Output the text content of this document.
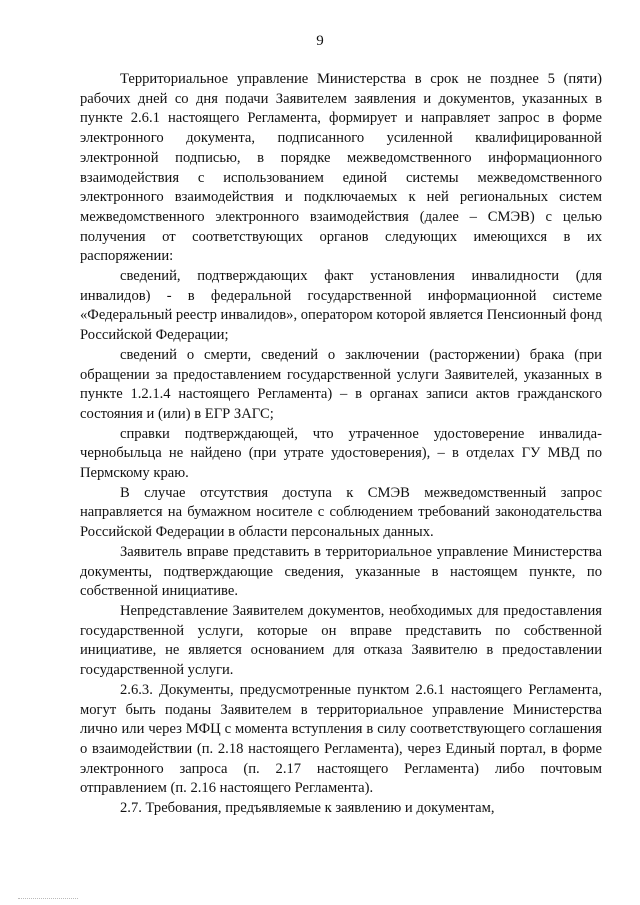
9

Территориальное управление Министерства в срок не позднее 5 (пяти) рабочих дней со дня подачи Заявителем заявления и документов, указанных в пункте 2.6.1 настоящего Регламента, формирует и направляет запрос в форме электронного документа, подписанного усиленной квалифицированной электронной подписью, в порядке межведомственного информационного взаимодействия с использованием единой системы межведомственного электронного взаимодействия и подключаемых к ней региональных систем межведомственного электронного взаимодействия (далее – СМЭВ) с целью получения от соответствующих органов следующих имеющихся в их распоряжении:

сведений, подтверждающих факт установления инвалидности (для инвалидов) - в федеральной государственной информационной системе «Федеральный реестр инвалидов», оператором которой является Пенсионный фонд Российской Федерации;

сведений о смерти, сведений о заключении (расторжении) брака (при обращении за предоставлением государственной услуги Заявителей, указанных в пункте 1.2.1.4 настоящего Регламента) – в органах записи актов гражданского состояния и (или) в ЕГР ЗАГС;

справки подтверждающей, что утраченное удостоверение инвалида-чернобыльца не найдено (при утрате удостоверения), – в отделах ГУ МВД по Пермскому краю.

В случае отсутствия доступа к СМЭВ межведомственный запрос направляется на бумажном носителе с соблюдением требований законодательства Российской Федерации в области персональных данных.

Заявитель вправе представить в территориальное управление Министерства документы, подтверждающие сведения, указанные в настоящем пункте, по собственной инициативе.

Непредставление Заявителем документов, необходимых для предоставления государственной услуги, которые он вправе представить по собственной инициативе, не является основанием для отказа Заявителю в предоставлении государственной услуги.

2.6.3. Документы, предусмотренные пунктом 2.6.1 настоящего Регламента, могут быть поданы Заявителем в территориальное управление Министерства лично или через МФЦ с момента вступления в силу соответствующего соглашения о взаимодействии (п. 2.18 настоящего Регламента), через Единый портал, в форме электронного запроса (п. 2.17 настоящего Регламента) либо почтовым отправлением (п. 2.16 настоящего Регламента).

2.7. Требования, предъявляемые к заявлению и документам,
